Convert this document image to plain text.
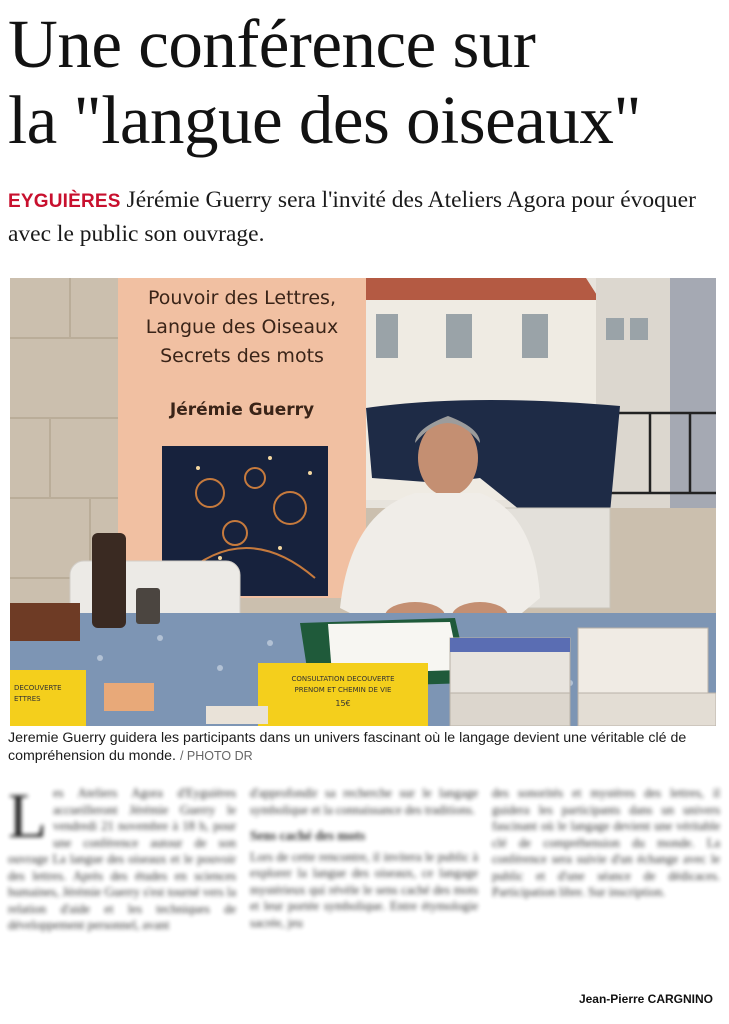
Une conférence sur
la "langue des oiseaux"
EYGUIÈRES Jérémie Guerry sera l'invité des Ateliers Agora pour évoquer avec le public son ouvrage.
Pouvoir des Lettres,
Langue des Oiseaux
Secrets des mots
Jérémie Guerry
CONSULTATION DECOUVERTE
PRENOM ET CHEMIN DE VIE
15€
DECOUVERTE
ETTRES
Jeremie Guerry guidera les participants dans un univers fascinant où le langage devient une véritable clé de compréhension du monde. / PHOTO DR
L es Ateliers Agora d'Eyguières accueilleront Jérémie Guerry le vendredi 21 novembre à 18 h, pour une conférence autour de son ouvrage La langue des oiseaux et le pouvoir des lettres. Après des études en sciences humaines, Jérémie Guerry s'est tourné vers la relation d'aide et les techniques de développement personnel, avant

d'approfondir sa recherche sur le langage symbolique et la connaissance des traditions.

Sens caché des mots

Lors de cette rencontre, il invitera le public à explorer la langue des oiseaux, ce langage mystérieux qui révèle le sens caché des mots et leur portée symbolique. Entre étymologie sacrée, jeu

des sonorités et mystères des lettres, il guidera les participants dans un univers fascinant où le langage devient une véritable clé de compréhension du monde. La conférence sera suivie d'un échange avec le public et d'une séance de dédicaces. Participation libre. Sur inscription.

Jean-Pierre CARGNINO
